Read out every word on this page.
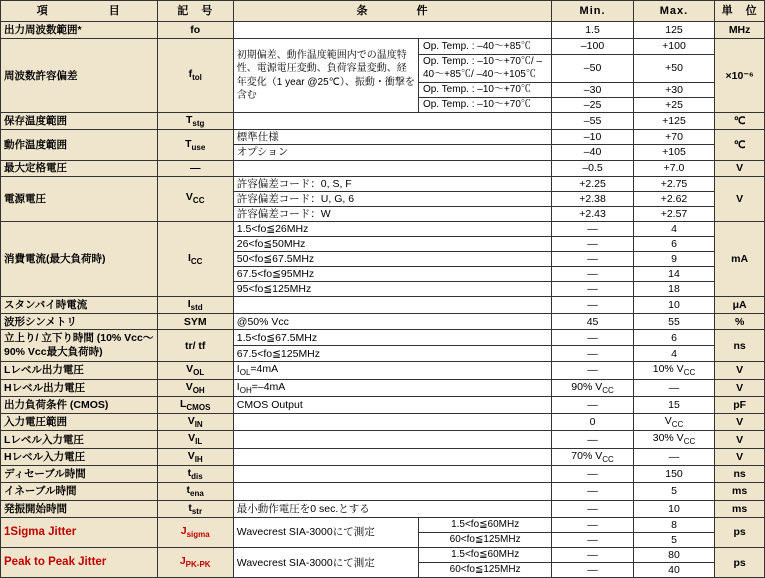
項　　　　　目	記　号	条　　　　件		Min.	Max.	単　位
出力周波数範囲*	fo			1.5	125	MHz
周波数許容偏差	$f_{tol}$	初期偏差、動作温度範囲内での温度特性、電源電圧変動、負荷容量変動、経年変化（1 year @25℃）、振動・衝撃を含む	Op. Temp. : –40～+85℃	–100	+100	×10⁻⁶
			Op. Temp. : –10～+70℃/ –40～+85℃/ –40～+105℃	–50	+50	
			Op. Temp. : –10～+70℃	–30	+30	
			Op. Temp. : –10～+70℃	–25	+25	
保存温度範囲	$T_{stg}$			–55	+125	℃
動作温度範囲	$T_{use}$	標準仕様		–10	+70	℃
		オプション		–40	+105	
最大定格電圧	—			–0.5	+7.0	V
電源電圧	$V_{CC}$	許容偏差コード：0, S, F		+2.25	+2.75	V
		許容偏差コード：U, G, 6		+2.38	+2.62	
		許容偏差コード：W		+2.43	+2.57	
消費電流(最大負荷時)	$I_{CC}$	1.5<fo≦26MHz		—	4	mA
		26<fo≦50MHz		—	6	
		50<fo≦67.5MHz		—	9	
		67.5<fo≦95MHz		—	14	
		95<fo≦125MHz		—	18	
スタンバイ時電流	$I_{std}$			—	10	μA
波形シンメトリ	SYM	@50% Vcc		45	55	%
立上り/ 立下り時間 (10% Vcc～90% Vcc最大負荷時)	tr/ tf	1.5<fo≦67.5MHz		—	6	ns
		67.5<fo≦125MHz		—	4	
Lレベル出力電圧	$V_{OL}$	$I_{OL}=4mA$		—	10% $V_{CC}$	V
Hレベル出力電圧	$V_{OH}$	$I_{OH}=-4mA$		90% $V_{CC}$	—	V
出力負荷条件 (CMOS)	$L_{CMOS}$	CMOS Output		—	15	pF
入力電圧範囲	$V_{IN}$			0	$V_{CC}$	V
Lレベル入力電圧	$V_{IL}$			—	30% $V_{CC}$	V
Hレベル入力電圧	$V_{IH}$			70% $V_{CC}$	—	V
ディセーブル時間	$t_{dis}$			—	150	ns
イネーブル時間	$t_{ena}$			—	5	ms
発振開始時間	$t_{str}$	最小動作電圧を0 sec.とする		—	10	ms
1Sigma Jitter	$J_{sigma}$	Wavecrest SIA-3000にて測定	1.5<fo≦60MHz	—	8	ps
			60<fo≦125MHz	—	5	
Peak to Peak Jitter	$J_{PK-PK}$	Wavecrest SIA-3000にて測定	1.5<fo≦60MHz	—	80	ps
			60<fo≦125MHz	—	40	
